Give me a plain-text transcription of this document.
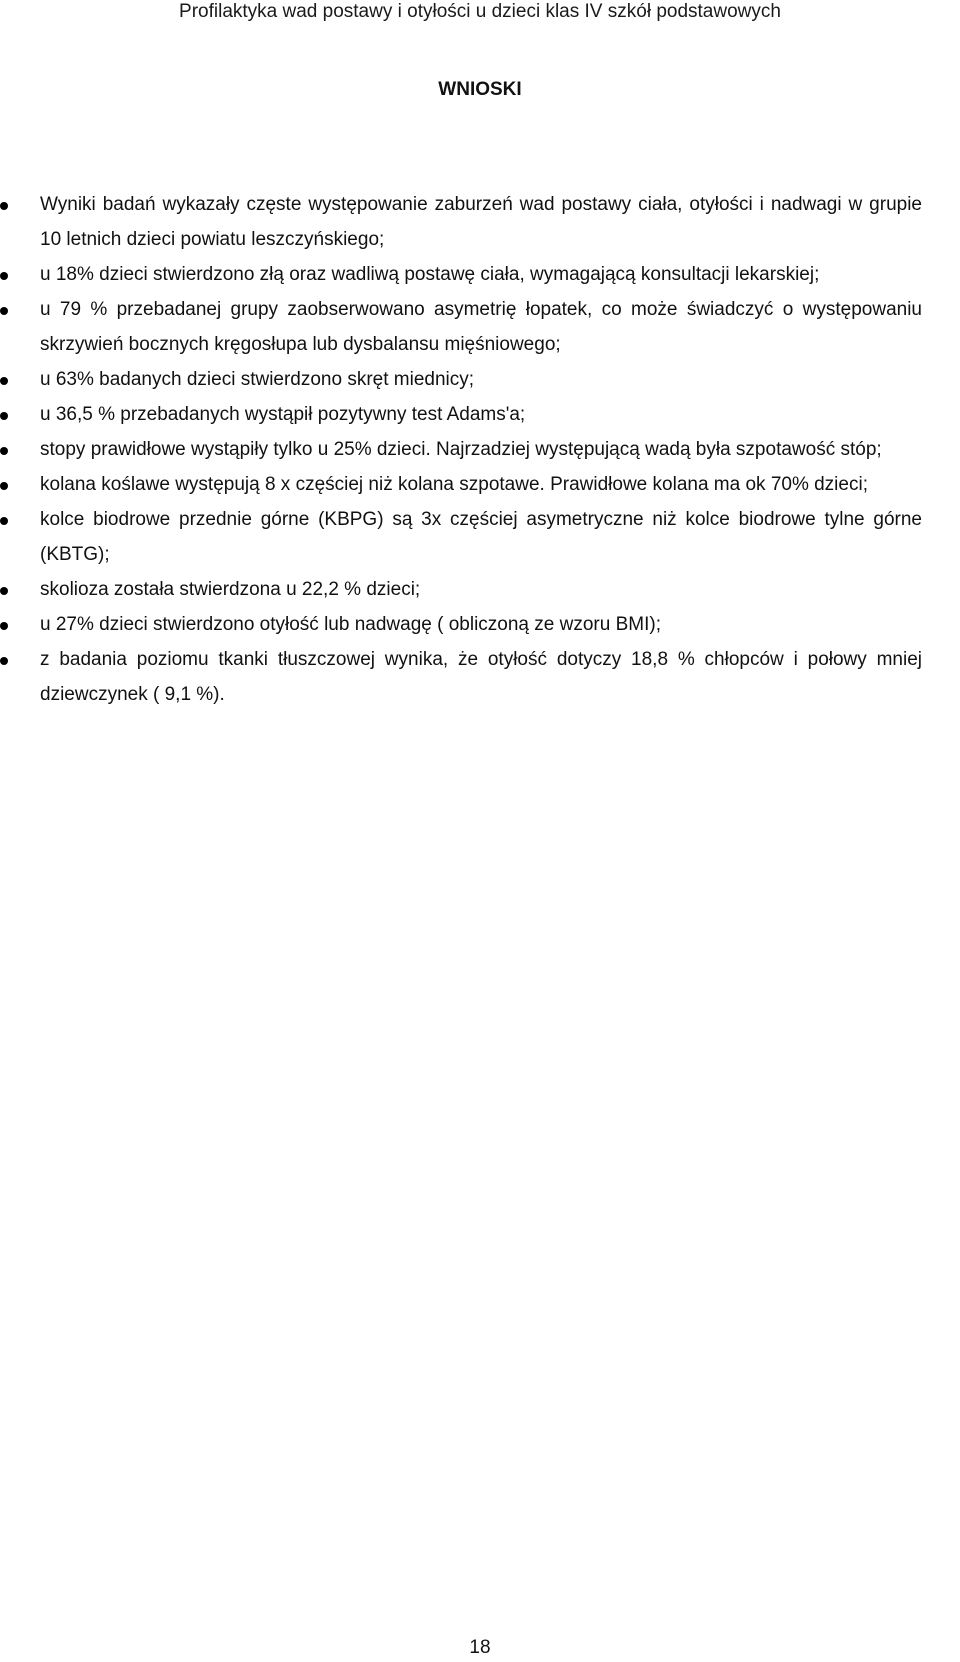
Profilaktyka wad postawy i otyłości u dzieci klas IV szkół podstawowych
WNIOSKI
Wyniki badań wykazały częste występowanie zaburzeń wad postawy ciała, otyłości i nadwagi w grupie 10 letnich dzieci powiatu leszczyńskiego;
u 18% dzieci stwierdzono złą oraz wadliwą postawę ciała, wymagającą konsultacji lekarskiej;
u 79 % przebadanej grupy zaobserwowano asymetrię łopatek, co może świadczyć o występowaniu skrzywień bocznych kręgosłupa lub dysbalansu mięśniowego;
u 63% badanych dzieci stwierdzono skręt miednicy;
u 36,5 % przebadanych wystąpił pozytywny test Adams'a;
stopy prawidłowe wystąpiły tylko u 25% dzieci. Najrzadziej występującą wadą była szpotawość stóp;
kolana koślawe występują 8 x częściej niż kolana szpotawe. Prawidłowe kolana ma ok 70% dzieci;
kolce biodrowe przednie górne (KBPG) są 3x częściej asymetryczne niż kolce biodrowe tylne górne (KBTG);
skolioza została stwierdzona u 22,2 % dzieci;
u 27% dzieci stwierdzono otyłość lub nadwagę ( obliczoną ze wzoru BMI);
z badania poziomu tkanki tłuszczowej wynika, że otyłość dotyczy 18,8 % chłopców i połowy mniej dziewczynek ( 9,1 %).
18
